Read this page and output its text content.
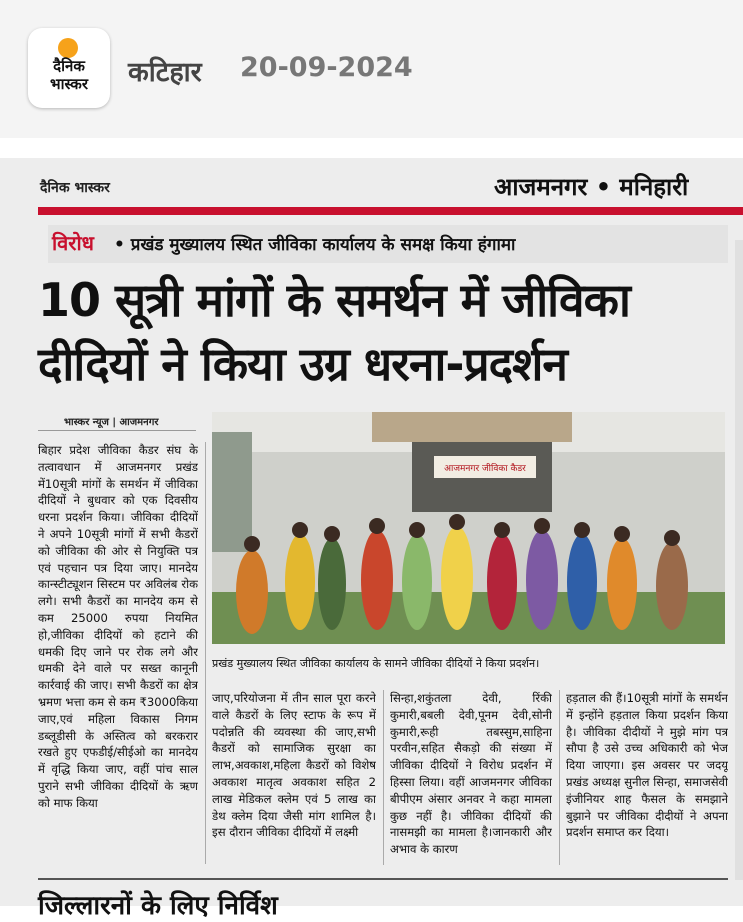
दैनिक
भास्कर	कटिहार 20-09-2024
दैनिक भास्कर	आजमनगर • मनिहारी
विरोध • प्रखंड मुख्यालय स्थित जीविका कार्यालय के समक्ष किया हंगामा
10 सूत्री मांगों के समर्थन में जीविका
दीदियों ने किया उग्र धरना-प्रदर्शन
भास्कर न्यूज | आजमनगर
आजमनगर जीविका कैडर
प्रखंड मुख्यालय स्थित जीविका कार्यालय के सामने जीविका दीदियों ने किया प्रदर्शन।
बिहार प्रदेश जीविका कैडर संघ के तत्वावधान में आजमनगर प्रखंड में10सूत्री मांगों के समर्थन में जीविका दीदियों ने बुधवार को एक दिवसीय धरना प्रदर्शन किया। जीविका दीदियों ने अपने 10सूत्री मांगों में सभी कैडरों को जीविका की ओर से नियुक्ति पत्र एवं पहचान पत्र दिया जाए। मानदेय कान्स्टीट्यूशन सिस्टम पर अविलंब रोक लगे। सभी कैडरों का मानदेय कम से कम 25000 रुपया नियमित हो,जीविका दीदियों को हटाने की धमकी दिए जाने पर रोक लगे और धमकी देने वाले पर सख्त कानूनी कार्रवाई की जाए। सभी कैडरों का क्षेत्र भ्रमण भत्ता कम से कम ₹3000किया जाए,एवं महिला विकास निगम डब्लूडीसी के अस्तित्व को बरकरार रखते हुए एफडीई/सीईओ का मानदेय में वृद्धि किया जाए, वहीं पांच साल पुराने सभी जीविका दीदियों के ऋण को माफ किया
जाए,परियोजना में तीन साल पूरा करने वाले कैडरों के लिए स्टाफ के रूप में पदोन्नति की व्यवस्था की जाए,सभी कैडरों को सामाजिक सुरक्षा का लाभ,अवकाश,महिला कैडरों को विशेष अवकाश मातृत्व अवकाश सहित 2 लाख मेडिकल क्लेम एवं 5 लाख का डेथ क्लेम दिया जैसी मांग शामिल है। इस दौरान जीविका दीदियों में लक्ष्मी
सिन्हा,शकुंतला देवी, रिंकी कुमारी,बबली देवी,पूनम देवी,सोनी कुमारी,रूही तबस्सुम,साहिना परवीन,सहित सैकड़ो की संख्या में जीविका दीदियों ने विरोध प्रदर्शन में हिस्सा लिया। वहीं आजमनगर जीविका बीपीएम अंसार अनवर ने कहा मामला कुछ नहीं है। जीविका दीदियों की नासमझी का मामला है।जानकारी और अभाव के कारण
हड़ताल की हैं।10सूत्री मांगों के समर्थन में इन्होंने हड़ताल किया प्रदर्शन किया है। जीविका दीदीयों ने मुझे मांग पत्र सौपा है उसे उच्च अधिकारी को भेज दिया जाएगा। इस अवसर पर जदयू प्रखंड अध्यक्ष सुनील सिन्हा, समाजसेवी इंजीनियर शाह फैसल के समझाने बुझाने पर जीविका दीदीयों ने अपना प्रदर्शन समाप्त कर दिया।
जिल्लारनों के लिए निर्विश
